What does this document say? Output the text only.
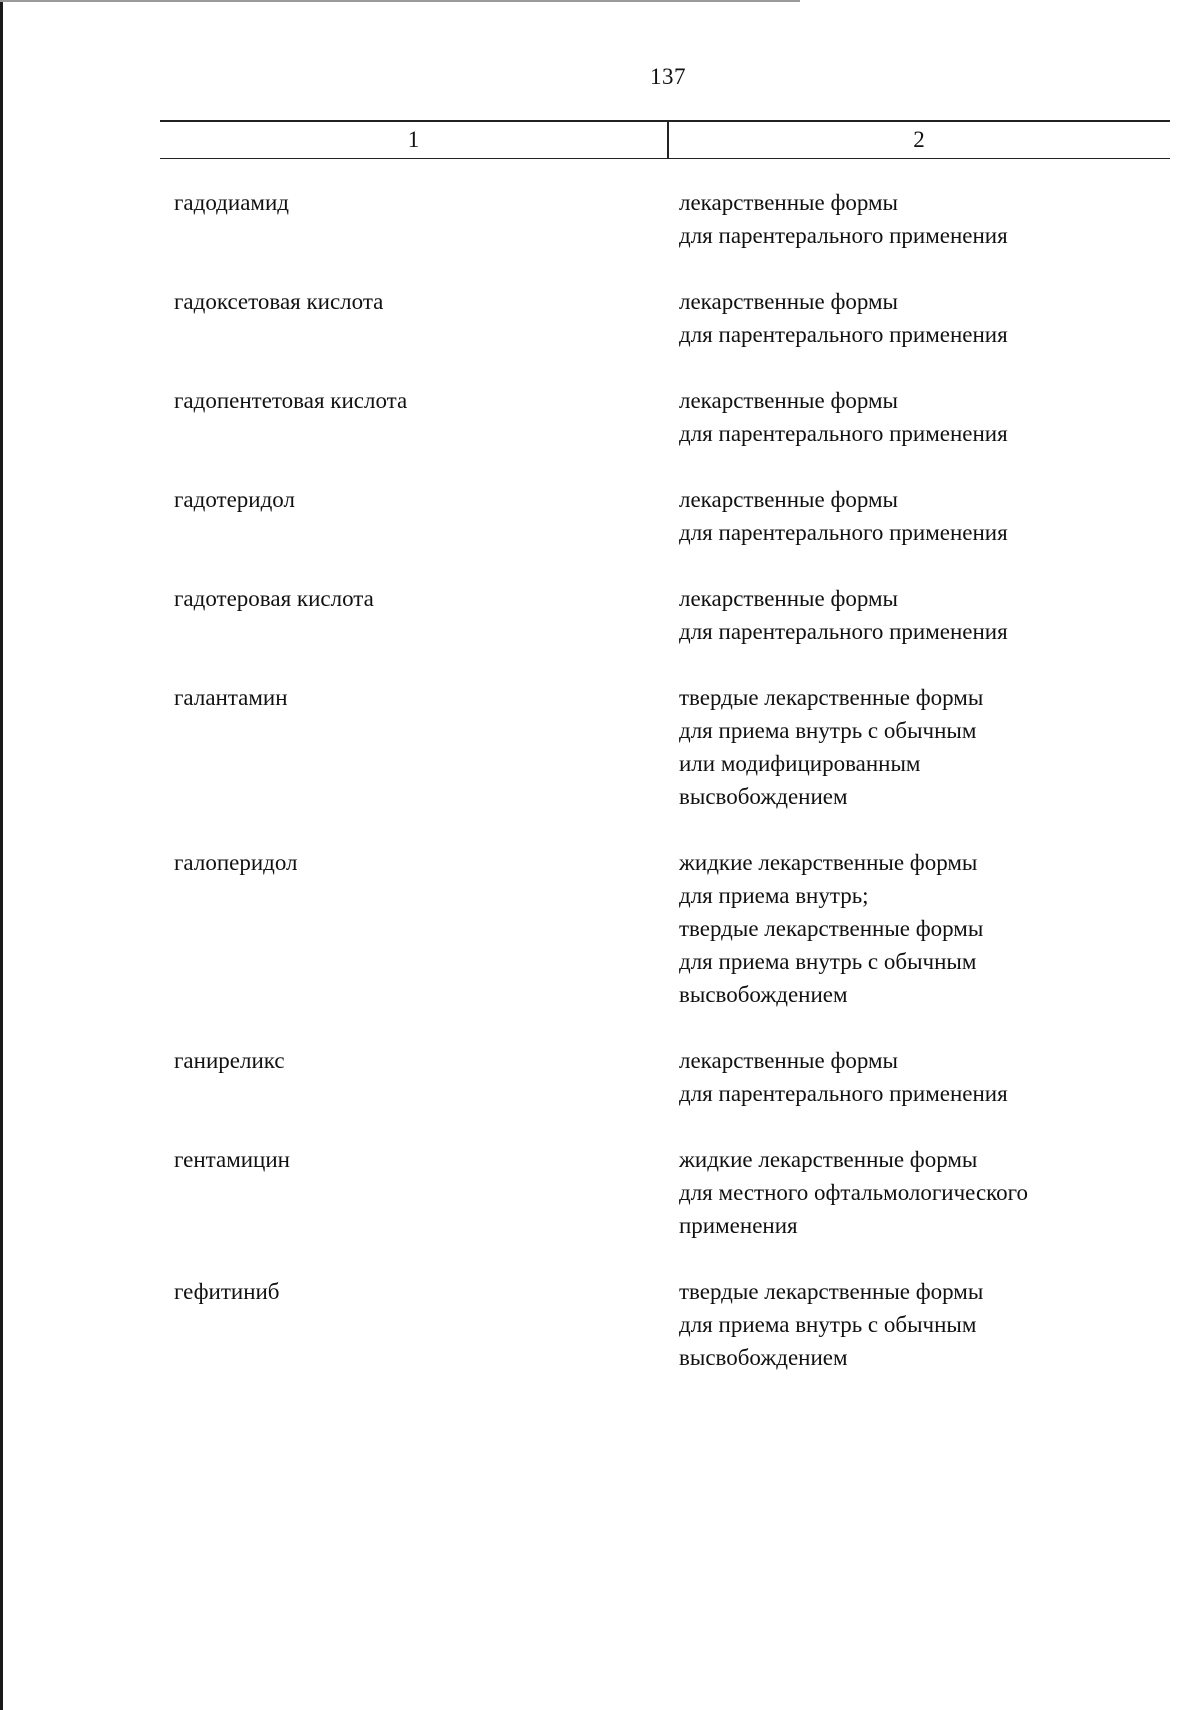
137
1	2
гадодиамид	лекарственные формы
для парентерального применения
гадоксетовая кислота	лекарственные формы
для парентерального применения
гадопентетовая кислота	лекарственные формы
для парентерального применения
гадотеридол	лекарственные формы
для парентерального применения
гадотеровая кислота	лекарственные формы
для парентерального применения
галантамин	твердые лекарственные формы
для приема внутрь с обычным
или модифицированным
высвобождением
галоперидол	жидкие лекарственные формы
для приема внутрь;
твердые лекарственные формы
для приема внутрь с обычным
высвобождением
ганиреликс	лекарственные формы
для парентерального применения
гентамицин	жидкие лекарственные формы
для местного офтальмологического
применения
гефитиниб	твердые лекарственные формы
для приема внутрь с обычным
высвобождением
